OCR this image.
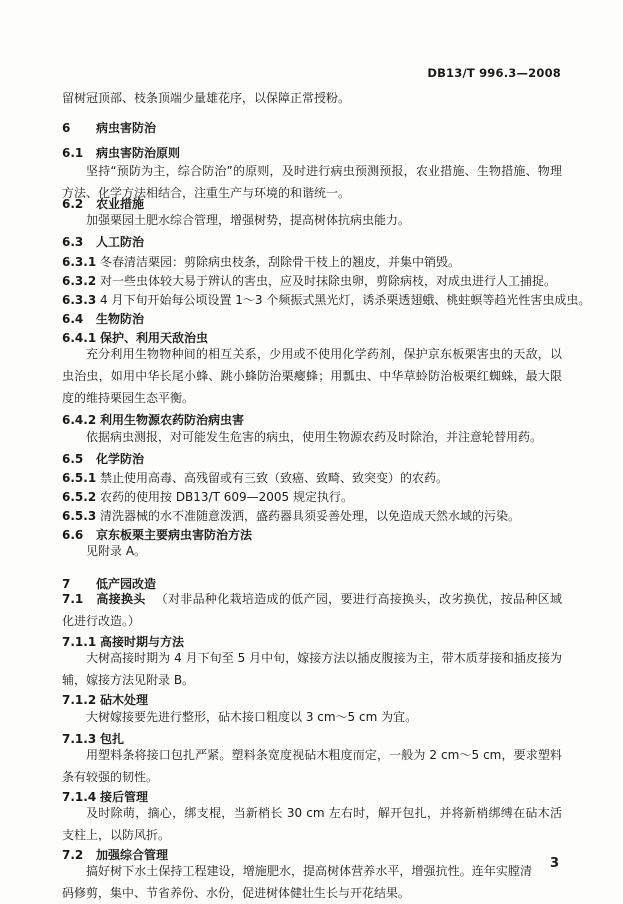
DB13/T 996.3—2008
留树冠顶部、枝条顶端少量雄花序，以保障正常授粉。
6 病虫害防治
6.1 病虫害防治原则
坚持“预防为主，综合防治”的原则，及时进行病虫预测预报，农业措施、生物措施、物理方法、化学方法相结合，注重生产与环境的和谐统一。
6.2 农业措施
加强栗园土肥水综合管理，增强树势，提高树体抗病虫能力。
6.3 人工防治
6.3.1 冬春清洁栗园：剪除病虫枝条，刮除骨干枝上的翘皮，并集中销毁。
6.3.2 对一些虫体较大易于辨认的害虫，应及时抹除虫卵，剪除病枝，对成虫进行人工捕捉。
6.3.3 4 月下旬开始每公顷设置 1～3 个频振式黑光灯，诱杀栗透翅蛾、桃蛀螟等趋光性害虫成虫。
6.4 生物防治
6.4.1 保护、利用天敌治虫
充分利用生物物种间的相互关系，少用或不使用化学药剂，保护京东板栗害虫的天敌，以虫治虫，如用中华长尾小蜂、跳小蜂防治栗瘿蜂；用瓢虫、中华草蛉防治板栗红蜘蛛，最大限度的维持栗园生态平衡。
6.4.2 利用生物源农药防治病虫害
依据病虫测报，对可能发生危害的病虫，使用生物源农药及时除治，并注意轮替用药。
6.5 化学防治
6.5.1 禁止使用高毒、高残留或有三致（致癌、致畸、致突变）的农药。
6.5.2 农药的使用按 DB13/T 609—2005 规定执行。
6.5.3 清洗器械的水不准随意泼洒，盛药器具须妥善处理，以免造成天然水域的污染。
6.6 京东板栗主要病虫害防治方法
见附录 A。
7 低产园改造
7.1 高接换头 （对非品种化栽培造成的低产园，要进行高接换头，改劣换优，按品种区域化进行改造。）
7.1.1 高接时期与方法
大树高接时期为 4 月下旬至 5 月中旬，嫁接方法以插皮腹接为主，带木质芽接和插皮接为辅，嫁接方法见附录 B。
7.1.2 砧木处理
大树嫁接要先进行整形，砧木接口粗度以 3 cm～5 cm 为宜。
7.1.3 包扎
用塑料条将接口包扎严紧。塑料条宽度视砧木粗度而定，一般为 2 cm～5 cm，要求塑料条有较强的韧性。
7.1.4 接后管理
及时除萌，摘心，绑支棍，当新梢长 30 cm 左右时，解开包扎，并将新梢绑缚在砧木活支柱上，以防风折。
7.2 加强综合管理
搞好树下水土保持工程建设，增施肥水，提高树体营养水平，增强抗性。连年实膛清码修剪，集中、节省养份、水份，促进树体健壮生长与开花结果。
3
